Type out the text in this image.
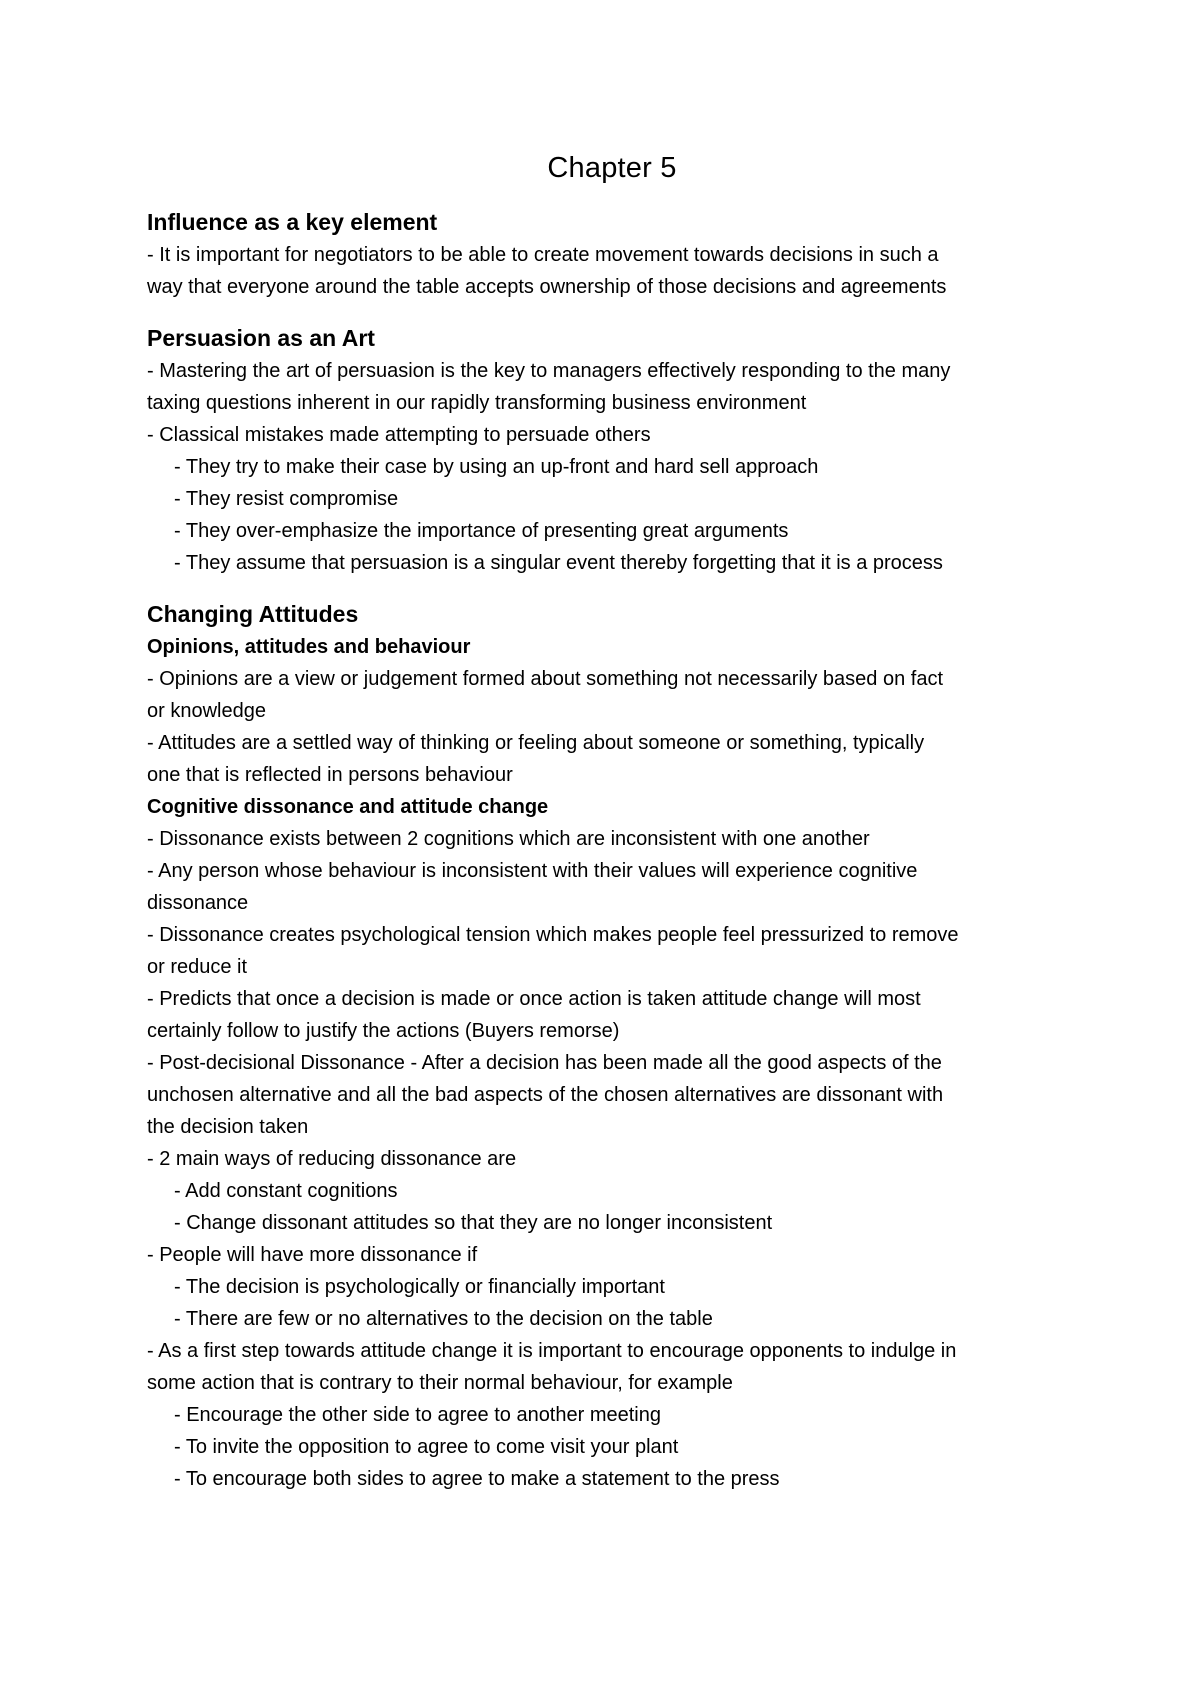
Chapter 5
Influence as a key element

- It is important for negotiators to be able to create movement towards decisions in such a

way that everyone around the table accepts ownership of those decisions and agreements

Persuasion as an Art

- Mastering the art of persuasion is the key to managers effectively responding to the many

taxing questions inherent in our rapidly transforming business environment

- Classical mistakes made attempting to persuade others

- They try to make their case by using an up-front and hard sell approach

- They resist compromise

- They over-emphasize the importance of presenting great arguments

- They assume that persuasion is a singular event thereby forgetting that it is a process

Changing Attitudes
Opinions, attitudes and behaviour

- Opinions are a view or judgement formed about something not necessarily based on fact

or knowledge

- Attitudes are a settled way of thinking or feeling about someone or something, typically

one that is reflected in persons behaviour

Cognitive dissonance and attitude change

- Dissonance exists between 2 cognitions which are inconsistent with one another

- Any person whose behaviour is inconsistent with their values will experience cognitive

dissonance

- Dissonance creates psychological tension which makes people feel pressurized to remove

or reduce it

- Predicts that once a decision is made or once action is taken attitude change will most

certainly follow to justify the actions (Buyers remorse)

- Post-decisional Dissonance - After a decision has been made all the good aspects of the

unchosen alternative and all the bad aspects of the chosen alternatives are dissonant with

the decision taken

- 2 main ways of reducing dissonance are

- Add constant cognitions

- Change dissonant attitudes so that they are no longer inconsistent

- People will have more dissonance if

- The decision is psychologically or financially important

- There are few or no alternatives to the decision on the table

- As a first step towards attitude change it is important to encourage opponents to indulge in

some action that is contrary to their normal behaviour, for example

- Encourage the other side to agree to another meeting

- To invite the opposition to agree to come visit your plant

- To encourage both sides to agree to make a statement to the press
